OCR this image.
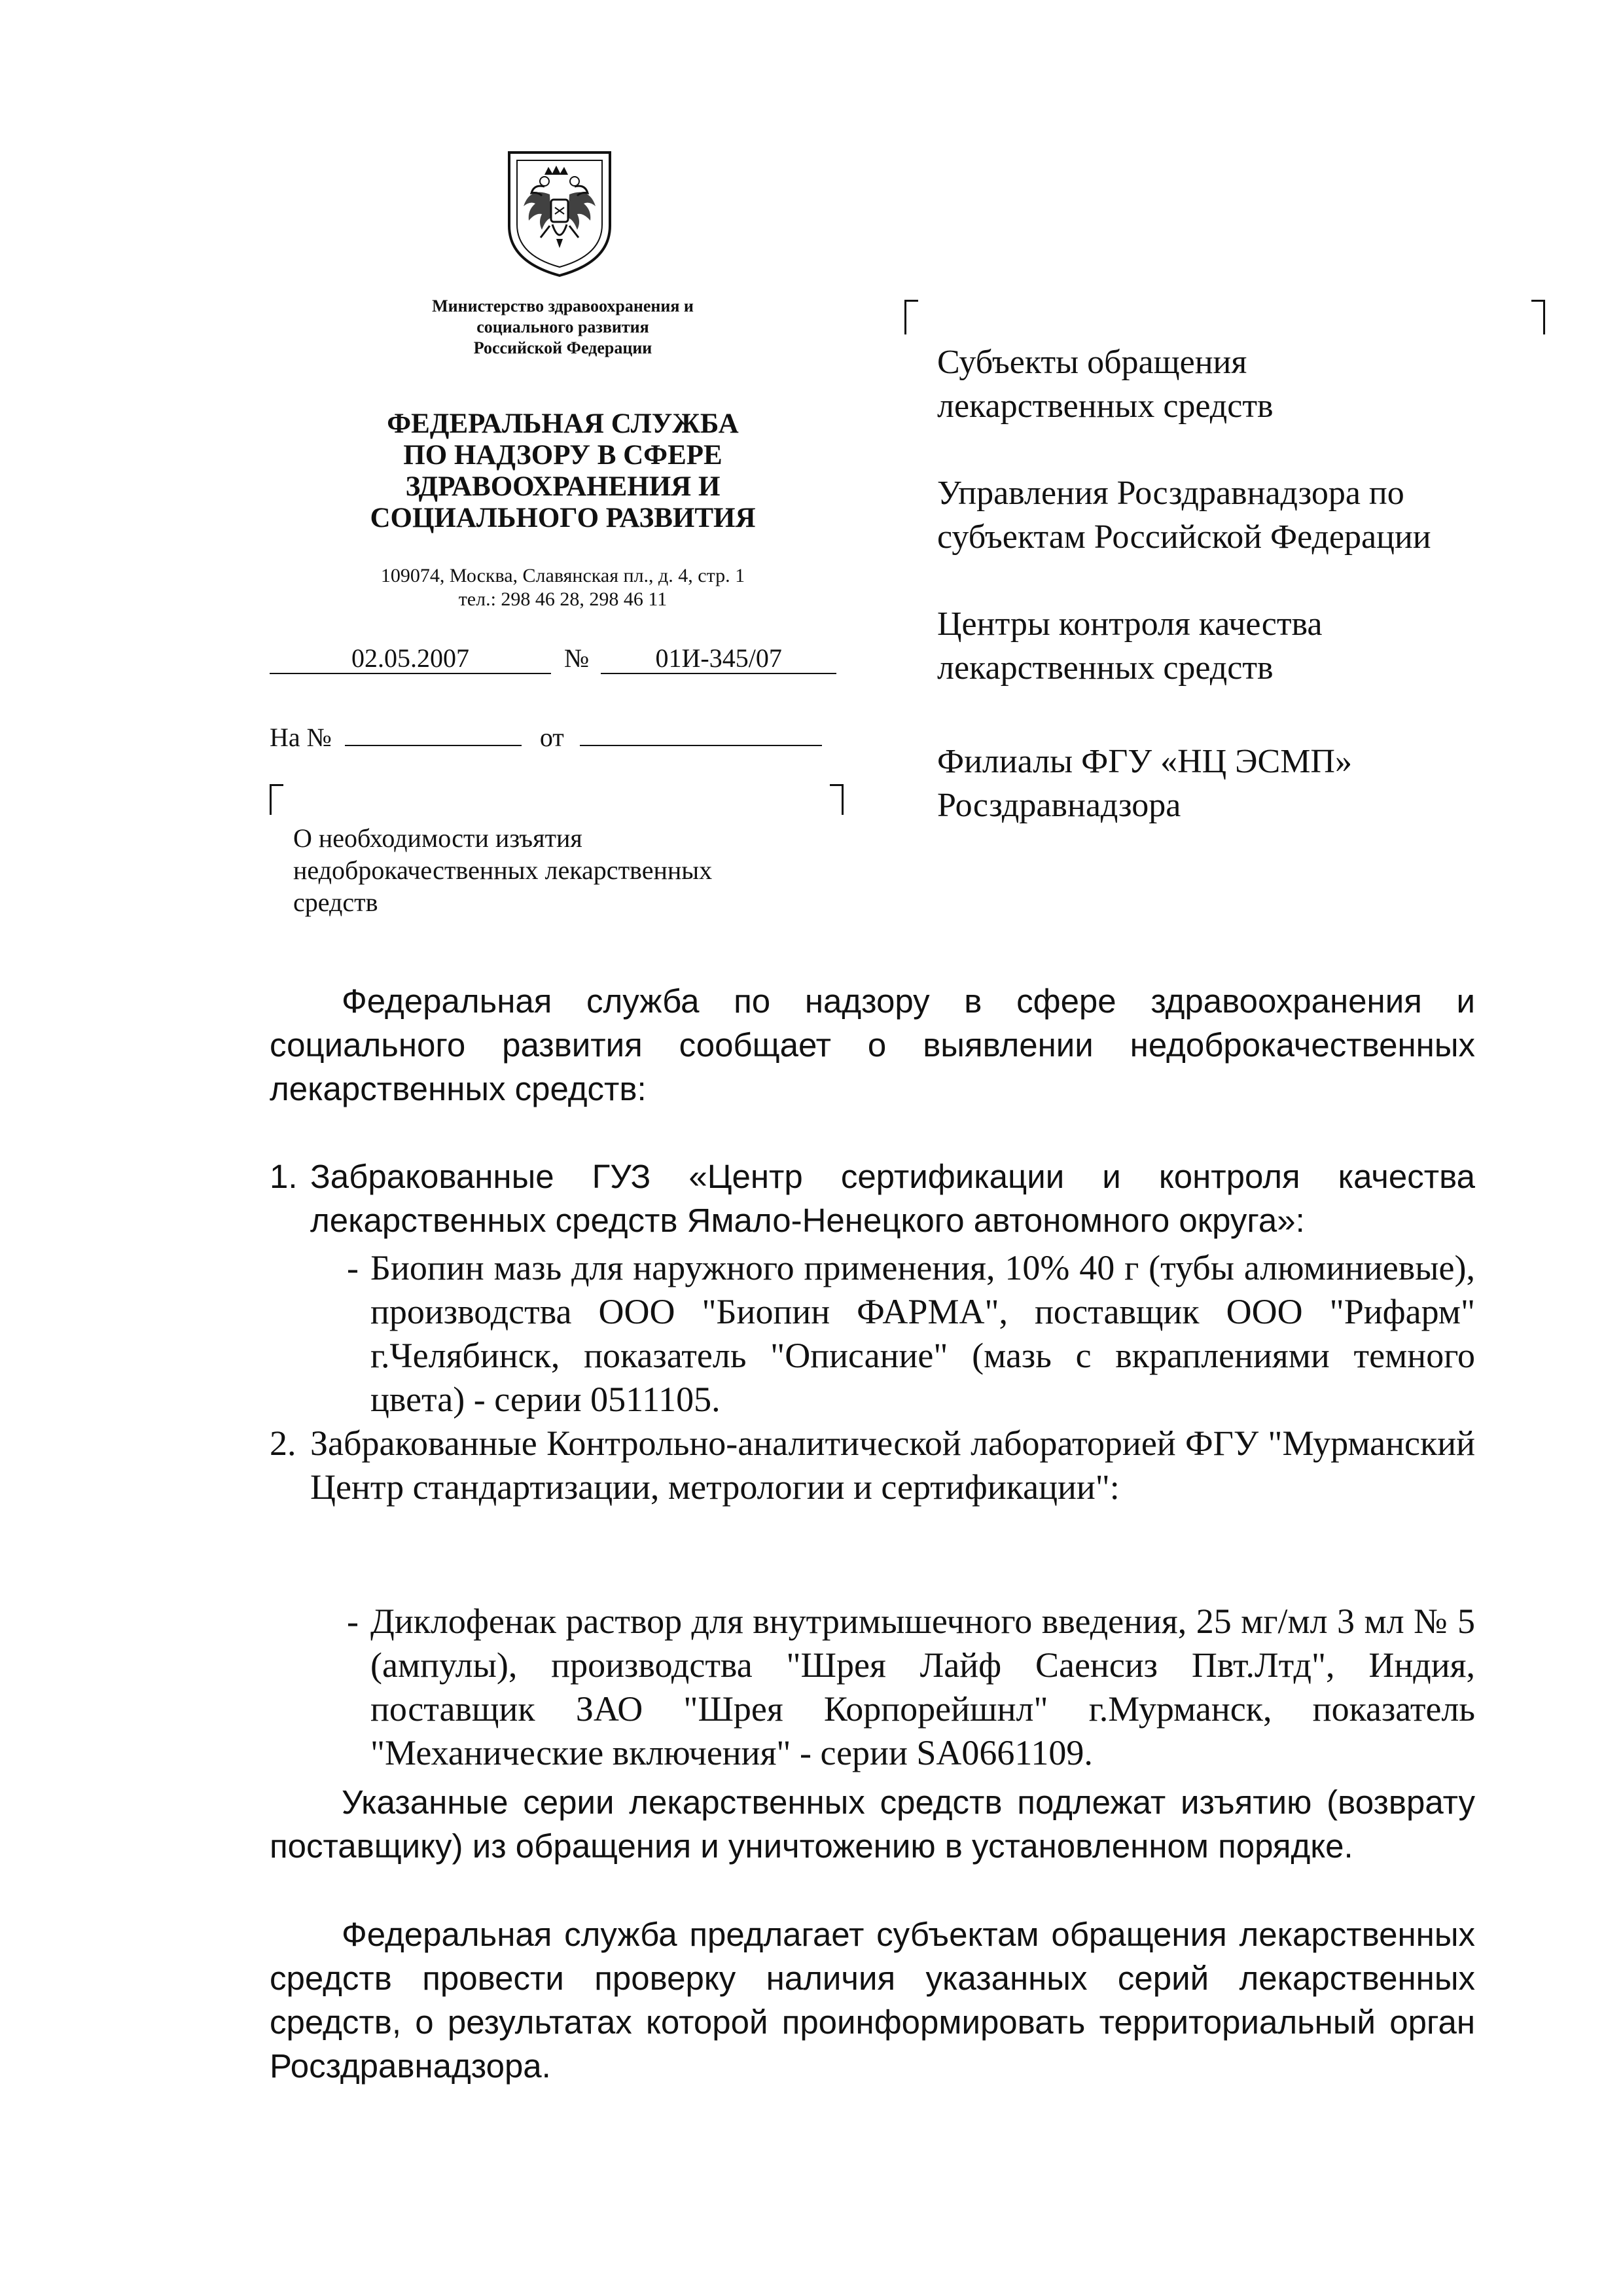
Министерство здравоохранения и
социального развития
Российской Федерации
ФЕДЕРАЛЬНАЯ СЛУЖБА
ПО НАДЗОРУ В СФЕРЕ
ЗДРАВООХРАНЕНИЯ И
СОЦИАЛЬНОГО РАЗВИТИЯ
109074, Москва, Славянская пл., д. 4, стр. 1
тел.: 298 46 28, 298 46 11
02.05.2007	№	01И-345/07
На №	от
О необходимости изъятия
недоброкачественных лекарственных
средств
Субъекты обращения
лекарственных средств
Управления Росздравнадзора по
субъектам Российской Федерации
Центры контроля качества
лекарственных средств
Филиалы ФГУ «НЦ ЭСМП»
Росздравнадзора
Федеральная служба по надзору в сфере здравоохранения и социального развития сообщает о выявлении недоброкачественных лекарственных средств:
1. Забракованные ГУЗ «Центр сертификации и контроля качества лекарственных средств Ямало-Ненецкого автономного округа»:
- Биопин мазь для наружного применения, 10% 40 г (тубы алюминиевые), производства ООО "Биопин ФАРМА", поставщик ООО "Рифарм" г.Челябинск, показатель "Описание" (мазь с вкраплениями темного цвета) - серии 0511105.
2. Забракованные Контрольно-аналитической лабораторией ФГУ "Мурманский Центр стандартизации, метрологии и сертификации":
- Диклофенак раствор для внутримышечного введения, 25 мг/мл 3 мл № 5 (ампулы), производства "Шрея Лайф Саенсиз Пвт.Лтд", Индия, поставщик ЗАО "Шрея Корпорейшнл" г.Мурманск, показатель "Механические включения" - серии SA0661109.
Указанные серии лекарственных средств подлежат изъятию (возврату поставщику) из обращения и уничтожению в установленном порядке.
Федеральная служба предлагает субъектам обращения лекарственных средств провести проверку наличия указанных серий лекарственных средств, о результатах которой проинформировать территориальный орган Росздравнадзора.
